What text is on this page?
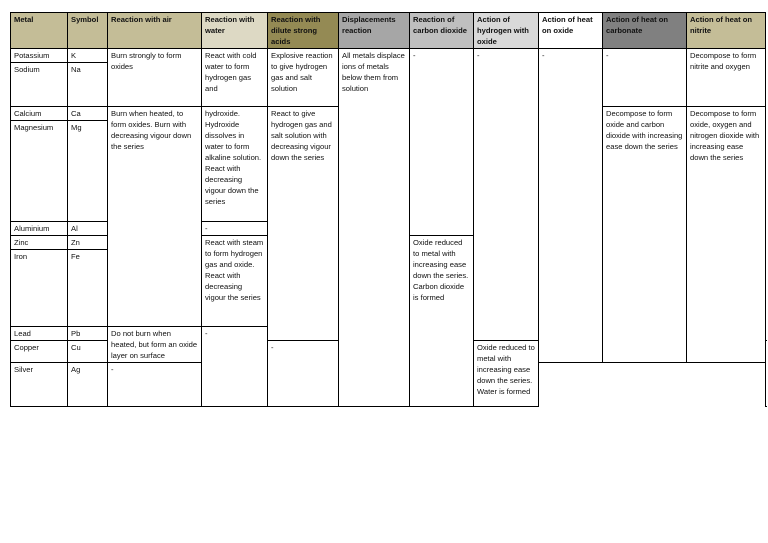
Metal	Symbol	Reaction with air	Reaction with water	Reaction with dilute strong acids	Displacements reaction	Reaction of carbon dioxide	Action of hydrogen with oxide	Action of heat on oxide	Action of heat on carbonate	Action of heat on nitrite	
Potassium	K	Burn strongly to form oxides	React with cold water to form hydrogen gas and	Explosive reaction to give hydrogen gas and salt solution	All metals displace ions of metals below them from solution	-	-	-	-	Decompose to form nitrite and oxygen	
Sodium	Na										
Calcium	Ca	Burn when heated, to form oxides. Burn with decreasing vigour down the series	hydroxide. Hydroxide dissolves in water to form alkaline solution. React with decreasing vigour down the series	React to give hydrogen gas and salt solution with decreasing vigour down the series					Decompose to form oxide and carbon dioxide with increasing ease down the series	Decompose to form oxide, oxygen and nitrogen dioxide with increasing ease down the series	
Magnesium	Mg										
Aluminium	Al		-								
Zinc	Zn		React with steam to form hydrogen gas and oxide. React with decreasing vigour the series			Oxide reduced to metal with increasing ease down the series. Carbon dioxide is formed					
Iron	Fe										
Lead	Pb	Do not burn when heated, but form an oxide layer on surface	-								
Copper	Cu			-			Oxide reduced to metal with increasing ease down the series. Water is formed	

Silver	Ag	-									
